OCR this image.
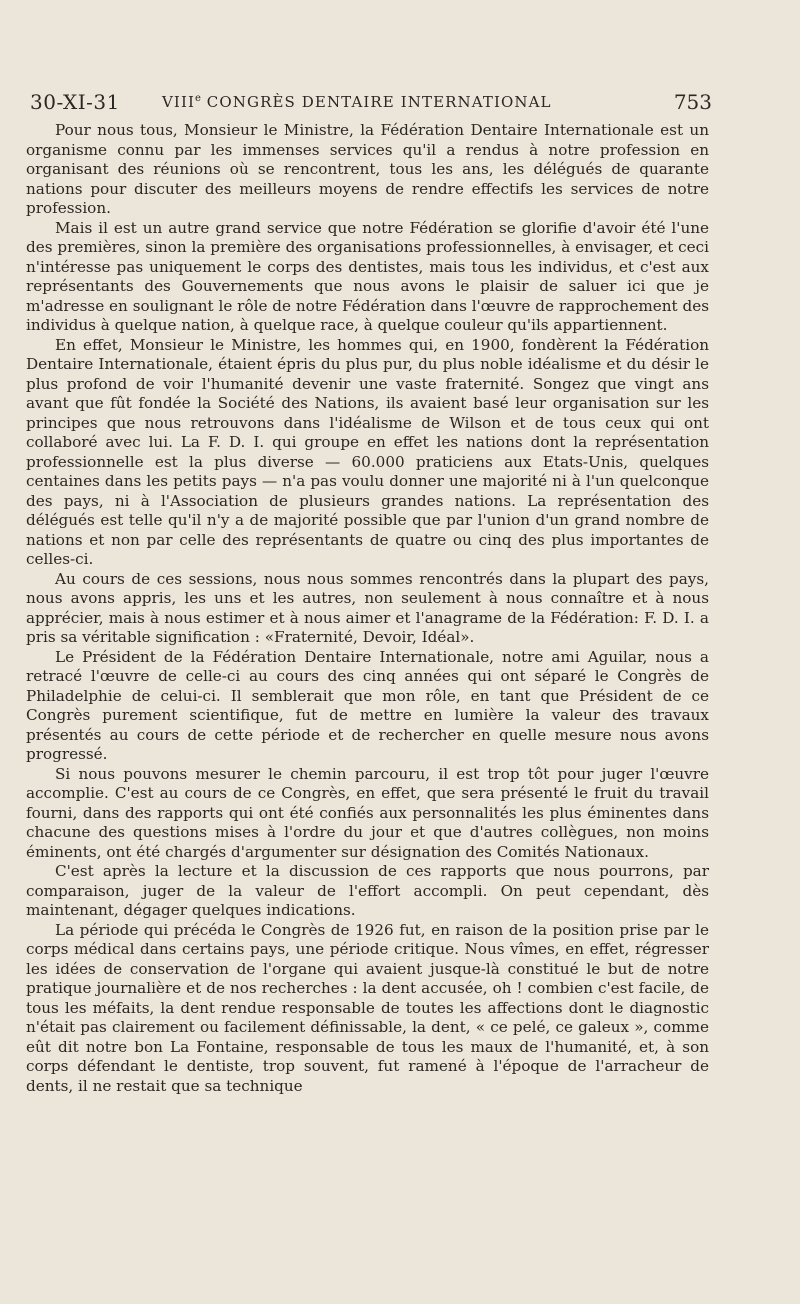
30-XI-31	VIIIe CONGRÈS DENTAIRE INTERNATIONAL	753

Pour nous tous, Monsieur le Ministre, la Fédération Dentaire Internationale est un organisme connu par les immenses services qu'il a rendus à notre profession en organisant des réunions où se rencontrent, tous les ans, les délégués de quarante nations pour discuter des meilleurs moyens de rendre effectifs les services de notre profession.

Mais il est un autre grand service que notre Fédération se glorifie d'avoir été l'une des premières, sinon la première des organisations professionnelles, à envisager, et ceci n'intéresse pas uniquement le corps des dentistes, mais tous les individus, et c'est aux représentants des Gouvernements que nous avons le plaisir de saluer ici que je m'adresse en soulignant le rôle de notre Fédération dans l'œuvre de rapprochement des individus à quelque nation, à quelque race, à quelque couleur qu'ils appartiennent.

En effet, Monsieur le Ministre, les hommes qui, en 1900, fondèrent la Fédération Dentaire Internationale, étaient épris du plus pur, du plus noble idéalisme et du désir le plus profond de voir l'humanité devenir une vaste fraternité. Songez que vingt ans avant que fût fondée la Société des Nations, ils avaient basé leur organisation sur les principes que nous retrouvons dans l'idéalisme de Wilson et de tous ceux qui ont collaboré avec lui. La F. D. I. qui groupe en effet les nations dont la représentation professionnelle est la plus diverse — 60.000 praticiens aux Etats-Unis, quelques centaines dans les petits pays — n'a pas voulu donner une majorité ni à l'un quelconque des pays, ni à l'Association de plusieurs grandes nations. La représentation des délégués est telle qu'il n'y a de majorité possible que par l'union d'un grand nombre de nations et non par celle des représentants de quatre ou cinq des plus importantes de celles-ci.

Au cours de ces sessions, nous nous sommes rencontrés dans la plupart des pays, nous avons appris, les uns et les autres, non seulement à nous connaître et à nous apprécier, mais à nous estimer et à nous aimer et l'anagrame de la Fédération: F. D. I. a pris sa véritable signification : «Fraternité, Devoir, Idéal».

Le Président de la Fédération Dentaire Internationale, notre ami Aguilar, nous a retracé l'œuvre de celle-ci au cours des cinq années qui ont séparé le Congrès de Philadelphie de celui-ci. Il semblerait que mon rôle, en tant que Président de ce Congrès purement scientifique, fut de mettre en lumière la valeur des travaux présentés au cours de cette période et de rechercher en quelle mesure nous avons progressé.

Si nous pouvons mesurer le chemin parcouru, il est trop tôt pour juger l'œuvre accomplie. C'est au cours de ce Congrès, en effet, que sera présenté le fruit du travail fourni, dans des rapports qui ont été confiés aux personnalités les plus éminentes dans chacune des questions mises à l'ordre du jour et que d'autres collègues, non moins éminents, ont été chargés d'argumenter sur désignation des Comités Nationaux.

C'est après la lecture et la discussion de ces rapports que nous pourrons, par comparaison, juger de la valeur de l'effort accompli. On peut cependant, dès maintenant, dégager quelques indications.

La période qui précéda le Congrès de 1926 fut, en raison de la position prise par le corps médical dans certains pays, une période critique. Nous vîmes, en effet, régresser les idées de conservation de l'organe qui avaient jusque-là constitué le but de notre pratique journalière et de nos recherches : la dent accusée, oh ! combien c'est facile, de tous les méfaits, la dent rendue responsable de toutes les affections dont le diagnostic n'était pas clairement ou facilement définissable, la dent, « ce pelé, ce galeux », comme eût dit notre bon La Fontaine, responsable de tous les maux de l'humanité, et, à son corps défendant le dentiste, trop souvent, fut ramené à l'époque de l'arracheur de dents, il ne restait que sa technique
